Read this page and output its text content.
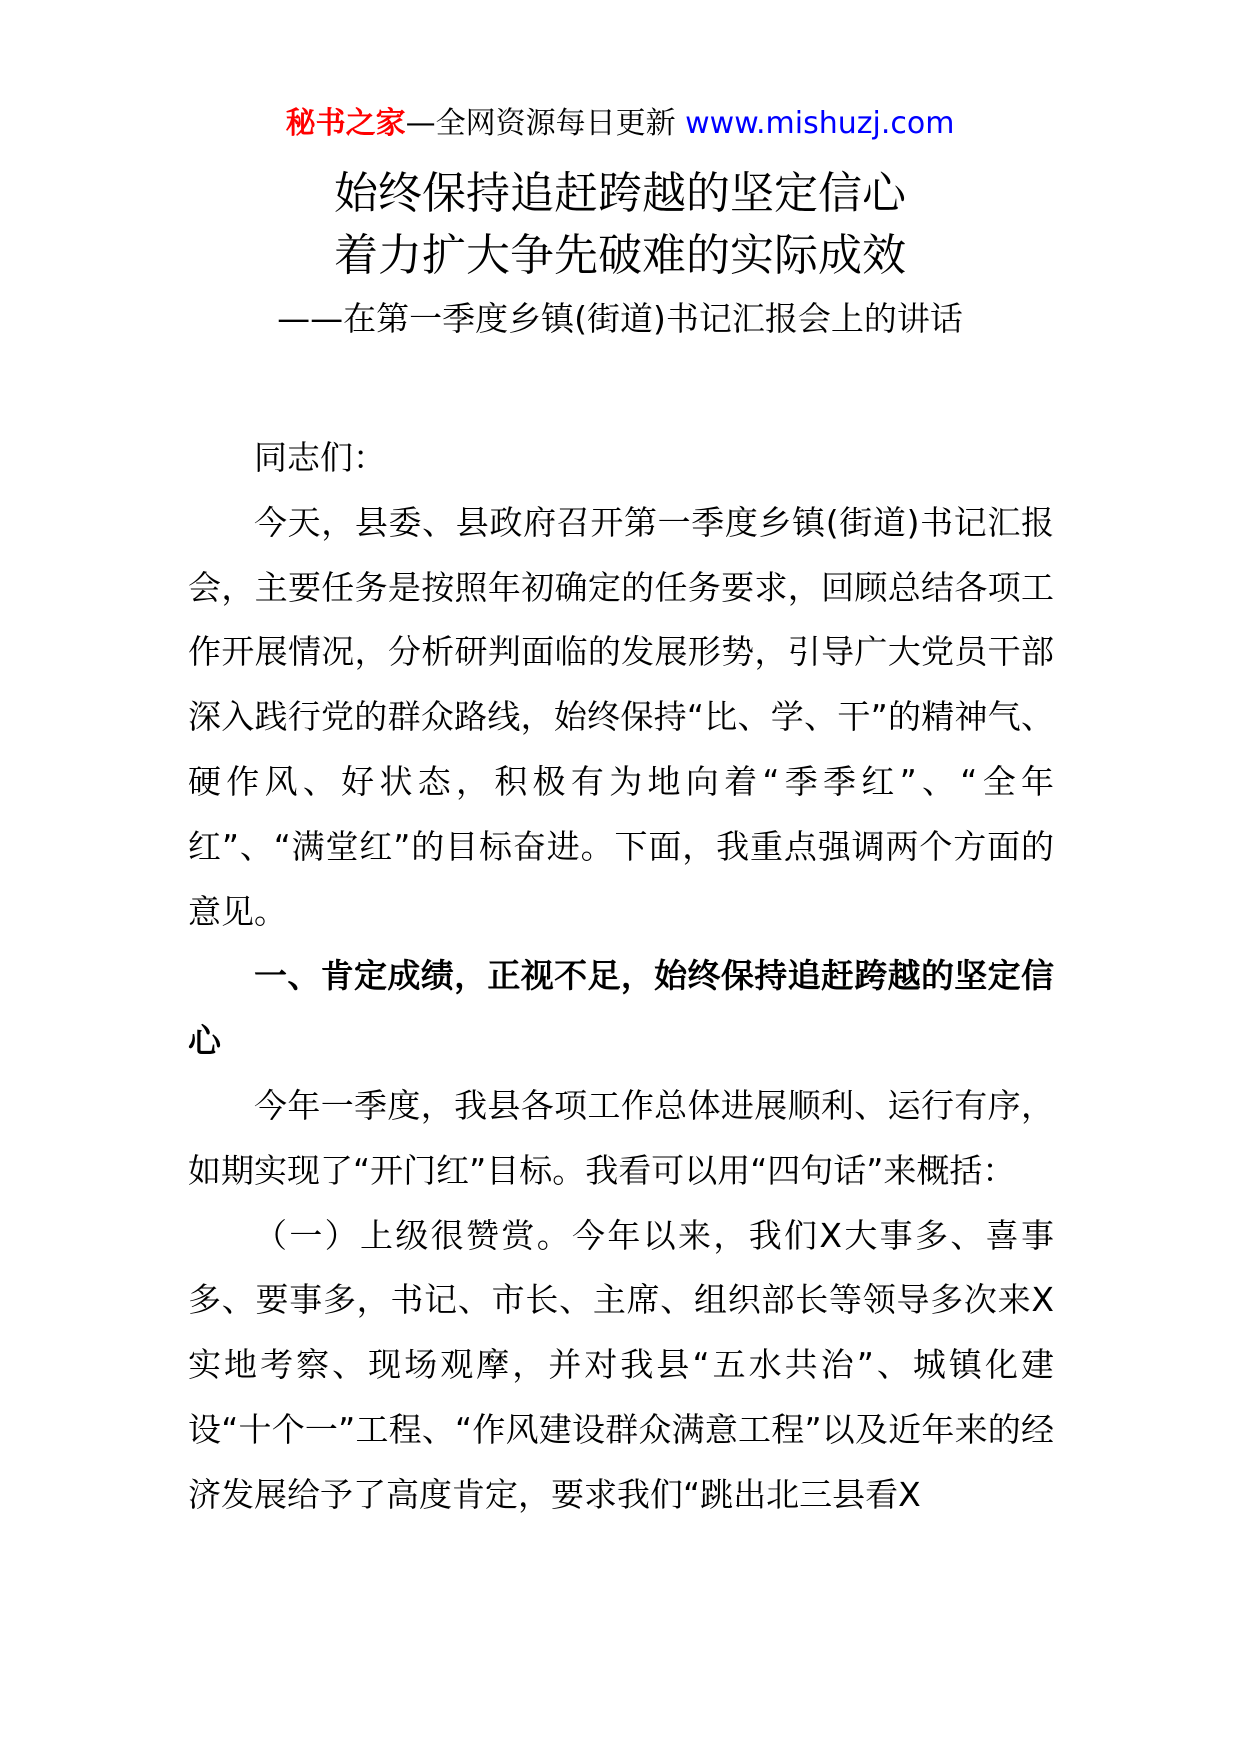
秘书之家—全网资源每日更新 www.mishuzj.com
始终保持追赶跨越的坚定信心
着力扩大争先破难的实际成效
——在第一季度乡镇(街道)书记汇报会上的讲话

同志们：

今天，县委、县政府召开第一季度乡镇(街道)书记汇报会，主要任务是按照年初确定的任务要求，回顾总结各项工作开展情况，分析研判面临的发展形势，引导广大党员干部深入践行党的群众路线，始终保持“比、学、干”的精神气、硬作风、好状态，积极有为地向着“季季红”、“全年红”、“满堂红”的目标奋进。下面，我重点强调两个方面的意见。

一、肯定成绩，正视不足，始终保持追赶跨越的坚定信心

今年一季度，我县各项工作总体进展顺利、运行有序，如期实现了“开门红”目标。我看可以用“四句话”来概括：

（一）上级很赞赏。今年以来，我们X大事多、喜事多、要事多，书记、市长、主席、组织部长等领导多次来X实地考察、现场观摩，并对我县“五水共治”、城镇化建设“十个一”工程、“作风建设群众满意工程”以及近年来的经济发展给予了高度肯定，要求我们“跳出北三县看X
